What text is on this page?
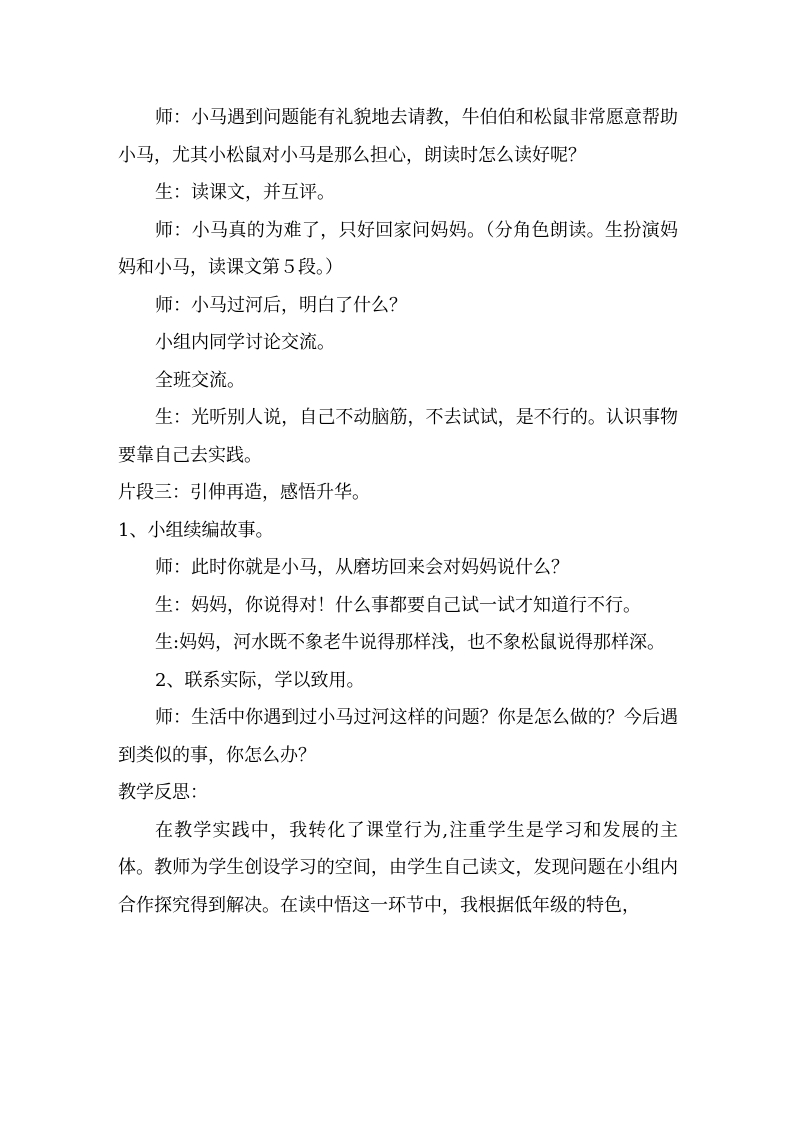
师：小马遇到问题能有礼貌地去请教，牛伯伯和松鼠非常愿意帮助小马，尤其小松鼠对小马是那么担心，朗读时怎么读好呢？

生：读课文，并互评。

师：小马真的为难了，只好回家问妈妈。（分角色朗读。生扮演妈妈和小马，读课文第５段。）

师：小马过河后，明白了什么？

小组内同学讨论交流。

全班交流。

生：光听别人说，自己不动脑筋，不去试试，是不行的。认识事物要靠自己去实践。

片段三：引伸再造，感悟升华。

1、小组续编故事。

师：此时你就是小马，从磨坊回来会对妈妈说什么？

生：妈妈，你说得对！什么事都要自己试一试才知道行不行。

生:妈妈，河水既不象老牛说得那样浅，也不象松鼠说得那样深。

2、联系实际，学以致用。

师：生活中你遇到过小马过河这样的问题？你是怎么做的？今后遇到类似的事，你怎么办？

教学反思：

在教学实践中，我转化了课堂行为,注重学生是学习和发展的主体。教师为学生创设学习的空间，由学生自己读文，发现问题在小组内合作探究得到解决。在读中悟这一环节中，我根据低年级的特色，
